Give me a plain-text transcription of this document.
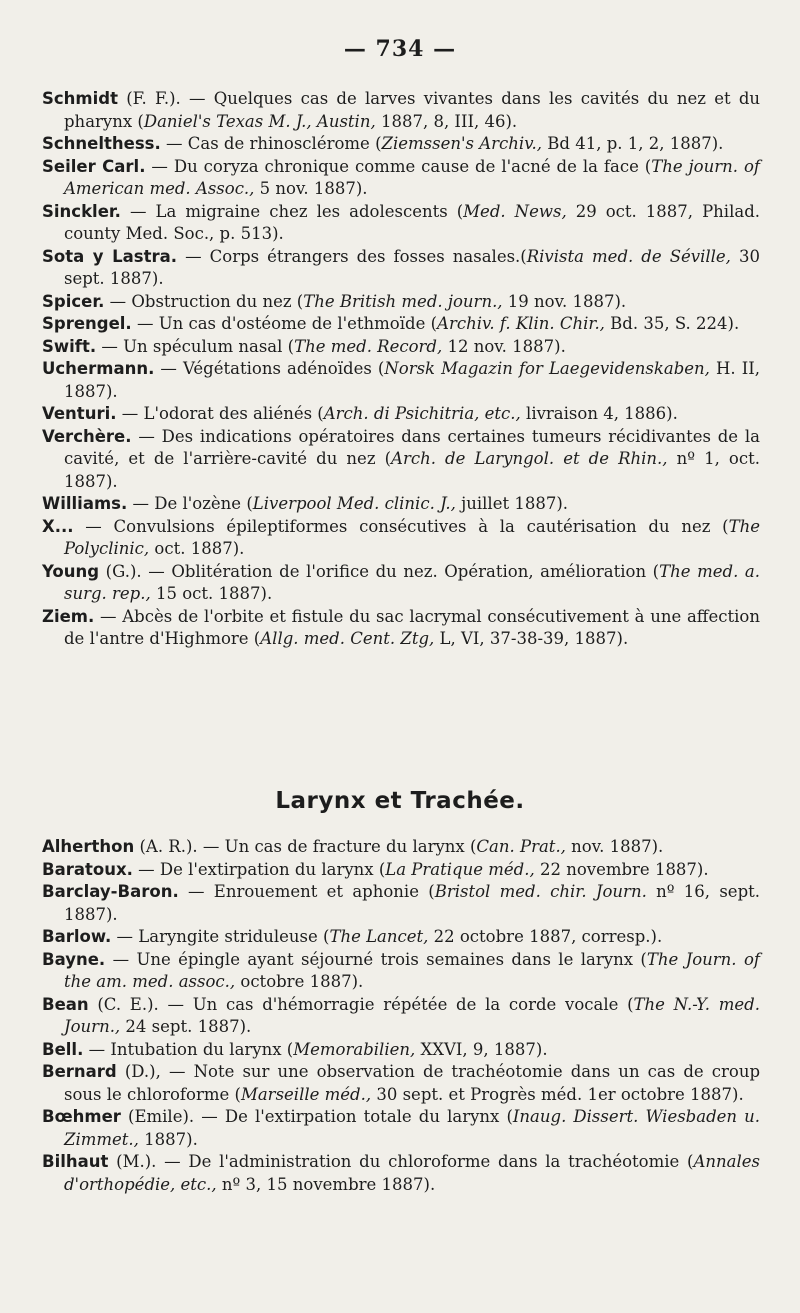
— 734 —

Schmidt (F. F.). — Quelques cas de larves vivantes dans les cavités du nez et du pharynx (Daniel's Texas M. J., Austin, 1887, 8, III, 46).

Schnelthess. — Cas de rhinosclérome (Ziemssen's Archiv., Bd 41, p. 1, 2, 1887).

Seiler Carl. — Du coryza chronique comme cause de l'acné de la face (The journ. of American med. Assoc., 5 nov. 1887).

Sinckler. — La migraine chez les adolescents (Med. News, 29 oct. 1887, Philad. county Med. Soc., p. 513).

Sota y Lastra. — Corps étrangers des fosses nasales.(Rivista med. de Séville, 30 sept. 1887).

Spicer. — Obstruction du nez (The British med. journ., 19 nov. 1887).

Sprengel. — Un cas d'ostéome de l'ethmoïde (Archiv. f. Klin. Chir., Bd. 35, S. 224).

Swift. — Un spéculum nasal (The med. Record, 12 nov. 1887).

Uchermann. — Végétations adénoïdes (Norsk Magazin for Laegevidenskaben, H. II, 1887).

Venturi. — L'odorat des aliénés (Arch. di Psichitria, etc., livraison 4, 1886).

Verchère. — Des indications opératoires dans certaines tumeurs récidivantes de la cavité, et de l'arrière-cavité du nez (Arch. de Laryngol. et de Rhin., nº 1, oct. 1887).

Williams. — De l'ozène (Liverpool Med. clinic. J., juillet 1887).

X... — Convulsions épileptiformes consécutives à la cautérisation du nez (The Polyclinic, oct. 1887).

Young (G.). — Oblitération de l'orifice du nez. Opération, amélioration (The med. a. surg. rep., 15 oct. 1887).

Ziem. — Abcès de l'orbite et fistule du sac lacrymal consécutivement à une affection de l'antre d'Highmore (Allg. med. Cent. Ztg, L, VI, 37-38-39, 1887).

Larynx et Trachée.

Alherthon (A. R.). — Un cas de fracture du larynx (Can. Prat., nov. 1887).

Baratoux. — De l'extirpation du larynx (La Pratique méd., 22 novembre 1887).

Barclay-Baron. — Enrouement et aphonie (Bristol med. chir. Journ. nº 16, sept. 1887).

Barlow. — Laryngite striduleuse (The Lancet, 22 octobre 1887, corresp.).

Bayne. — Une épingle ayant séjourné trois semaines dans le larynx (The Journ. of the am. med. assoc., octobre 1887).

Bean (C. E.). — Un cas d'hémorragie répétée de la corde vocale (The N.-Y. med. Journ., 24 sept. 1887).

Bell. — Intubation du larynx (Memorabilien, XXVI, 9, 1887).

Bernard (D.), — Note sur une observation de trachéotomie dans un cas de croup sous le chloroforme (Marseille méd., 30 sept. et Progrès méd. 1er octobre 1887).

Bœhmer (Emile). — De l'extirpation totale du larynx (Inaug. Dissert. Wiesbaden u. Zimmet., 1887).

Bilhaut (M.). — De l'administration du chloroforme dans la trachéotomie (Annales d'orthopédie, etc., nº 3, 15 novembre 1887).
